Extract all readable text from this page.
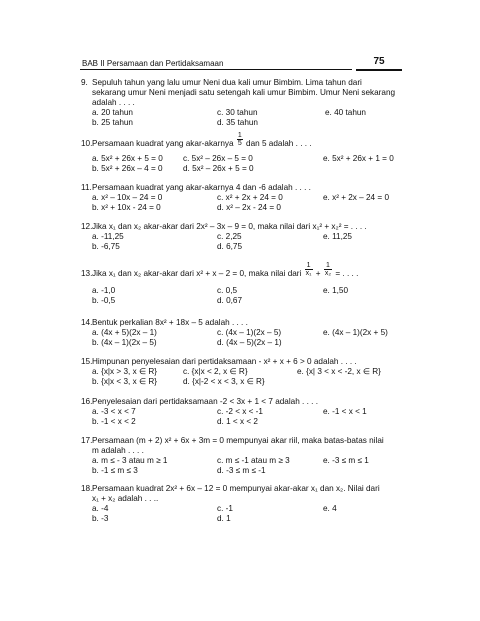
BAB II Persamaan dan Pertidaksamaan	75
9. Sepuluh tahun yang lalu umur Neni dua kali umur Bimbim. Lima tahun dari
sekarang umur Neni menjadi satu setengah kali umur Bimbim. Umur Neni sekarang
adalah . . . .
a. 20 tahun	c. 30 tahun	e. 40 tahun
b. 25 tahun	d. 35 tahun
10. Persamaan kuadrat yang akar-akarnya $\frac{1}{5}$ dan 5 adalah . . . .
a. 5x² + 26x + 5 = 0 c. 5x² – 26x – 5 = 0	e. 5x² + 26x + 1 = 0
b. 5x² + 26x – 4 = 0 d. 5x² – 26x + 5 = 0
11. Persamaan kuadrat yang akar-akarnya 4 dan -6 adalah . . . .
a. x² – 10x – 24 = 0	c. x² + 2x + 24 = 0	e. x² + 2x – 24 = 0
b. x² + 10x - 24 = 0	d. x² – 2x - 24 = 0
12. Jika x₁ dan x₂ akar-akar dari 2x² – 3x – 9 = 0, maka nilai dari x₁² + x₂² = . . . .
a. -11,25	c. 2,25	e. 11,25
b. -6,75	d. 6,75
13. Jika x₁ dan x₂ akar-akar dari x² + x – 2 = 0, maka nilai dari $\frac{1}{\text{x₁}} + \frac{1}{\text{x₂}}$ = . . . .
a. -1,0	c. 0,5	e. 1,50
b. -0,5	d. 0,67
14. Bentuk perkalian 8x² + 18x – 5 adalah . . . .
a. (4x + 5)(2x – 1)	c. (4x – 1)(2x – 5)	e. (4x – 1)(2x + 5)
b. (4x – 1)(2x – 5)	d. (4x – 5)(2x – 1)
15. Himpunan penyelesaian dari pertidaksamaan - x² + x + 6 > 0 adalah . . . .
a. {x|x > 3, x ∈ R}	c. {x|x < 2, x ∈ R}	e. {x| 3 < x < -2, x ∈ R}
b. {x|x < 3, x ∈ R}	d. {x|-2 < x < 3, x ∈ R}
16. Penyelesaian dari pertidaksamaan -2 < 3x + 1 < 7 adalah . . . .
a. -3 < x < 7	c. -2 < x < -1	e. -1 < x < 1
b. -1 < x < 2	d. 1 < x < 2
17. Persamaan (m + 2) x² + 6x + 3m = 0 mempunyai akar riil, maka batas-batas nilai
m adalah . . . .
a. m ≤ - 3 atau m ≥ 1	c. m ≤ -1 atau m ≥ 3	e. -3 ≤ m ≤ 1
b. -1 ≤ m ≤ 3	d. -3 ≤ m ≤ -1
18. Persamaan kuadrat 2x² + 6x – 12 = 0 mempunyai akar-akar x₁ dan x₂. Nilai dari
x₁ + x₂ adalah . . ..
a. -4	c. -1	e. 4
b. -3	d. 1
